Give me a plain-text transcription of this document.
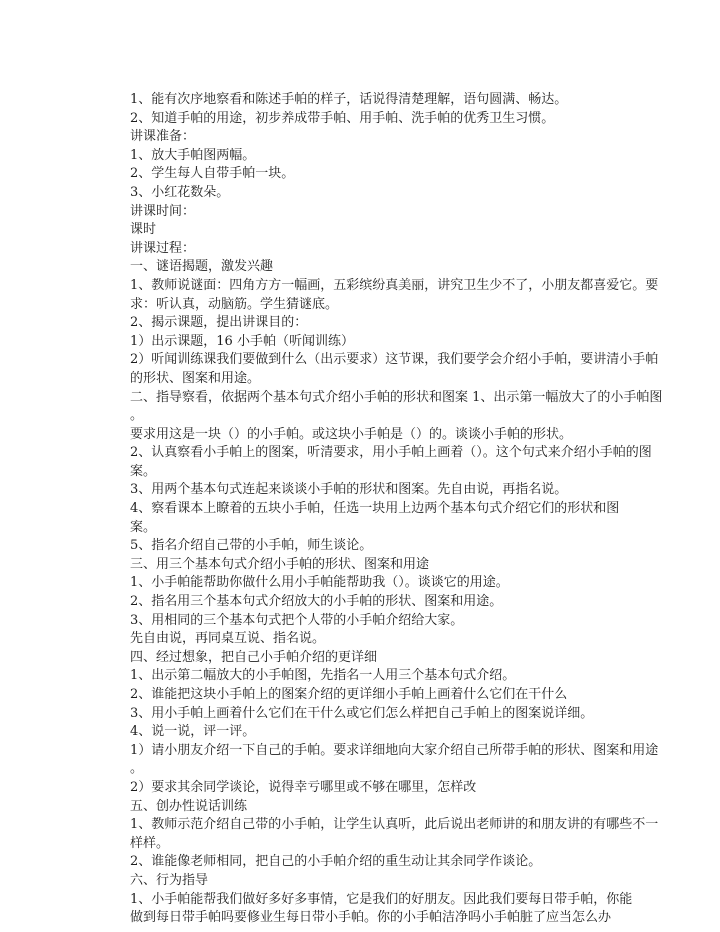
1、能有次序地察看和陈述手帕的样子，话说得清楚理解，语句圆满、畅达。
2、知道手帕的用途，初步养成带手帕、用手帕、洗手帕的优秀卫生习惯。
讲课准备：
1、放大手帕图两幅。
2、学生每人自带手帕一块。
3、小红花数朵。
讲课时间：
课时
讲课过程：
一、谜语揭题，激发兴趣
1、教师说谜面：四角方方一幅画，五彩缤纷真美丽，讲究卫生少不了，小朋友都喜爱它。要
求：听认真，动脑筋。学生猜谜底。
2、揭示课题，提出讲课目的：
1）出示课题，16 小手帕（听闻训练）
2）听闻训练课我们要做到什么（出示要求）这节课，我们要学会介绍小手帕，要讲清小手帕
的形状、图案和用途。
二、指导察看，依据两个基本句式介绍小手帕的形状和图案 1、出示第一幅放大了的小手帕图
。
要求用这是一块（）的小手帕。或这块小手帕是（）的。谈谈小手帕的形状。
2、认真察看小手帕上的图案，听清要求，用小手帕上画着（）。这个句式来介绍小手帕的图
案。
3、用两个基本句式连起来谈谈小手帕的形状和图案。先自由说，再指名说。
4、察看课本上瞭着的五块小手帕，任选一块用上边两个基本句式介绍它们的形状和图
案。
5、指名介绍自己带的小手帕，师生谈论。
三、用三个基本句式介绍小手帕的形状、图案和用途
1、小手帕能帮助你做什么用小手帕能帮助我（）。谈谈它的用途。
2、指名用三个基本句式介绍放大的小手帕的形状、图案和用途。
3、用相同的三个基本句式把个人带的小手帕介绍给大家。
先自由说，再同桌互说、指名说。
四、经过想象，把自己小手帕介绍的更详细
1、出示第二幅放大的小手帕图，先指名一人用三个基本句式介绍。
2、谁能把这块小手帕上的图案介绍的更详细小手帕上画着什么它们在干什么
3、用小手帕上画着什么它们在干什么或它们怎么样把自己手帕上的图案说详细。
4、说一说，评一评。
1）请小朋友介绍一下自己的手帕。要求详细地向大家介绍自己所带手帕的形状、图案和用途
。
2）要求其余同学谈论，说得幸亏哪里或不够在哪里，怎样改
五、创办性说话训练
1、教师示范介绍自己带的小手帕，让学生认真听，此后说出老师讲的和朋友讲的有哪些不一
样样。
2、谁能像老师相同，把自己的小手帕介绍的重生动让其余同学作谈论。
六、行为指导
1、小手帕能帮我们做好多好多事情，它是我们的好朋友。因此我们要每日带手帕，你能
做到每日带手帕吗要修业生每日带小手帕。你的小手帕洁净吗小手帕脏了应当怎么办
